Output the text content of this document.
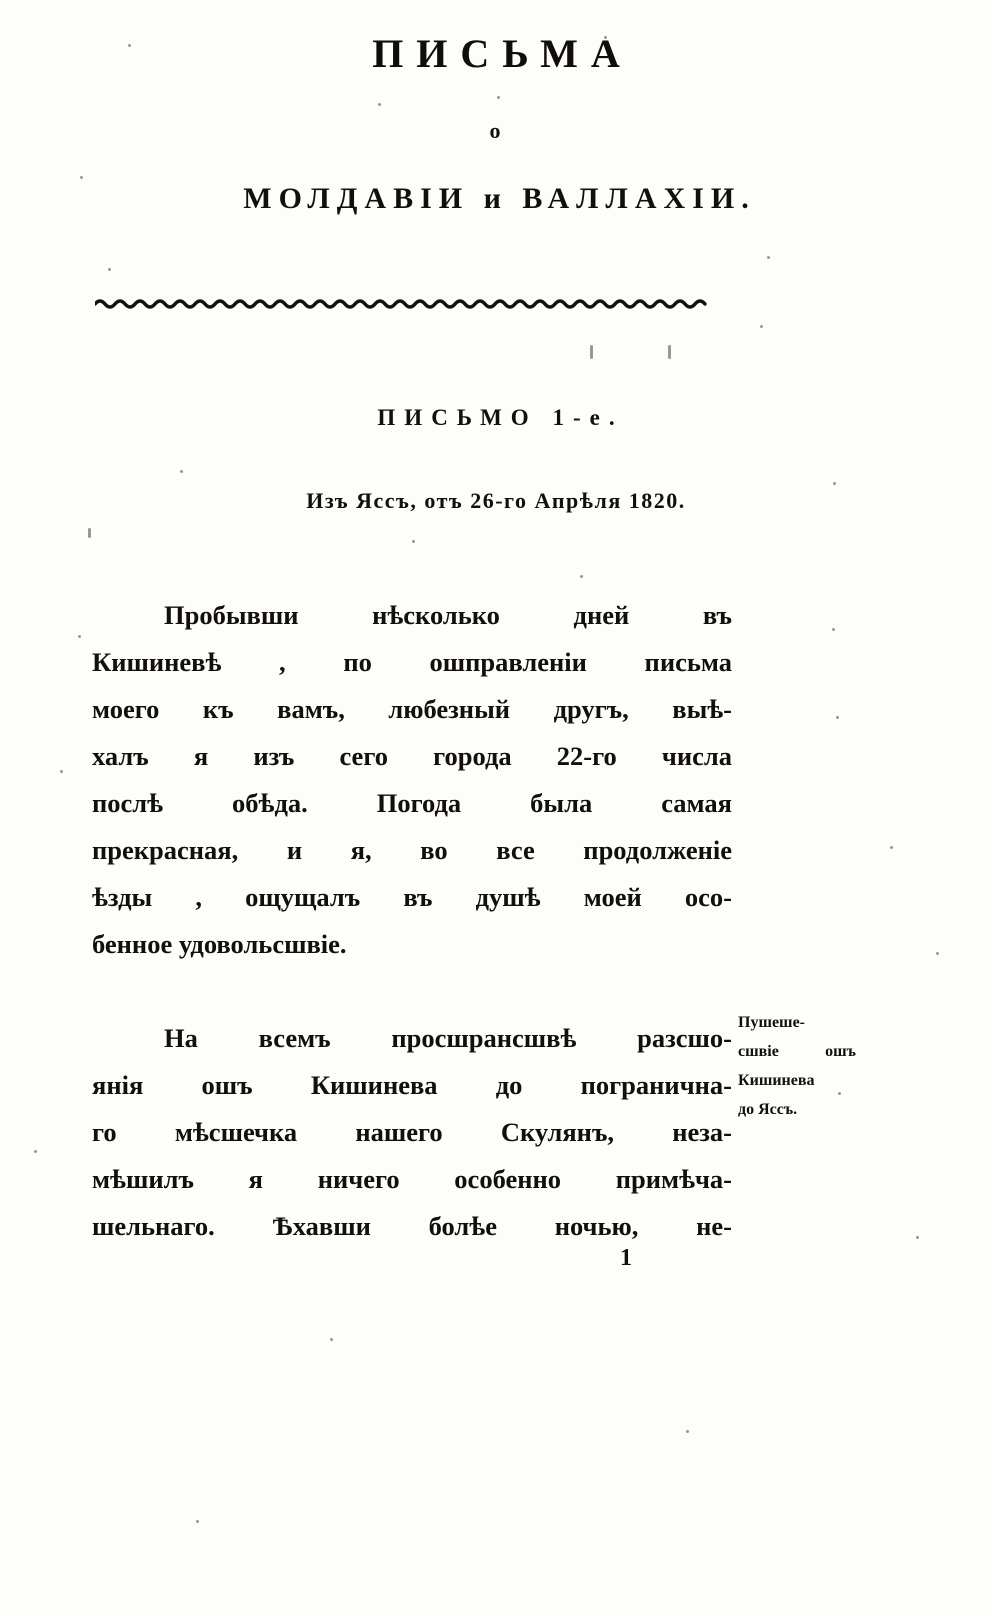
ПИСЬМА
о
МОЛДАВІИ и ВАЛЛАХІИ.
ПИСЬМО 1-е.
Изъ Яссъ, отъ 26-го Апрѣля 1820.

Пробывши нѣсколько дней въ
Кишиневѣ , по ошправленіи письма
моего къ вамъ, любезный другъ, выѣ-
халъ я изъ сего города 22-го числа
послѣ обѣда. Погода была самая
прекрасная, и я, во все продолженіе
ѣзды , ощущалъ въ душѣ моей осо-
бенное удовольсшвіе.

На всемъ просшрансшвѣ разсшо-
янія ошъ Кишинева до погранична-
го мѣсшечка нашего Скулянъ, неза-
мѣшилъ я ничего особенно примѣча-
шельнаго. Ѣхавши болѣе ночью, не-

Пушеше-
сшвіе ошъ
Кишинева
до Яссъ.
1
